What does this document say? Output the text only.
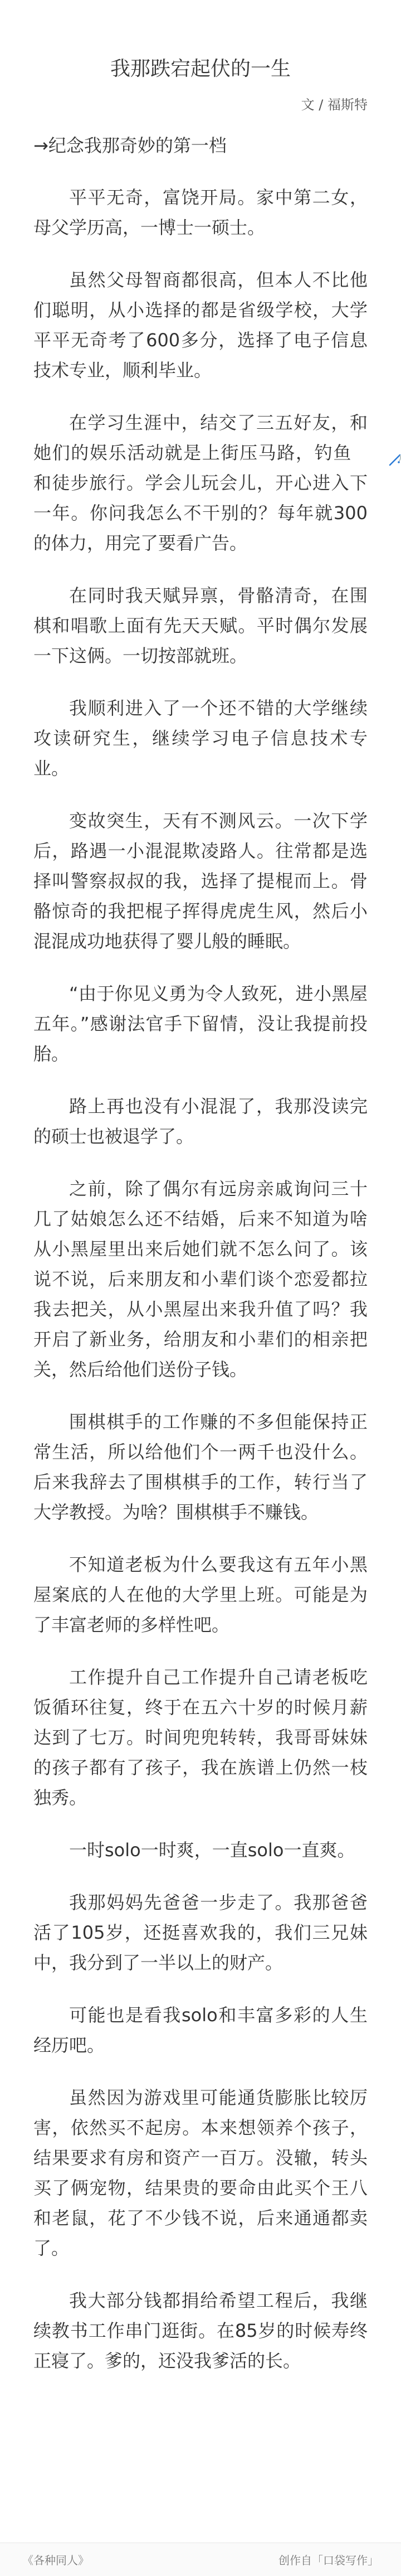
我那跌宕起伏的一生
文 / 福斯特
→纪念我那奇妙的第一档

平平无奇，富饶开局。家中第二女，母父学历高，一博士一硕士。

虽然父母智商都很高，但本人不比他们聪明，从小选择的都是省级学校，大学平平无奇考了600多分，选择了电子信息技术专业，顺利毕业。

在学习生涯中，结交了三五好友，和她们的娱乐活动就是上街压马路，钓鱼和徒步旅行。学会儿玩会儿，开心进入下一年。你问我怎么不干别的？每年就300的体力，用完了要看广告。

在同时我天赋异禀，骨骼清奇，在围棋和唱歌上面有先天天赋。平时偶尔发展一下这俩。一切按部就班。

我顺利进入了一个还不错的大学继续攻读研究生，继续学习电子信息技术专业。

变故突生，天有不测风云。一次下学后，路遇一小混混欺凌路人。往常都是选择叫警察叔叔的我，选择了提棍而上。骨骼惊奇的我把棍子挥得虎虎生风，然后小混混成功地获得了婴儿般的睡眠。

“由于你见义勇为令人致死，进小黑屋五年。”感谢法官手下留情，没让我提前投胎。

路上再也没有小混混了，我那没读完的硕士也被退学了。

之前，除了偶尔有远房亲戚询问三十几了姑娘怎么还不结婚，后来不知道为啥从小黑屋里出来后她们就不怎么问了。该说不说，后来朋友和小辈们谈个恋爱都拉我去把关，从小黑屋出来我升值了吗？我开启了新业务，给朋友和小辈们的相亲把关，然后给他们送份子钱。

围棋棋手的工作赚的不多但能保持正常生活，所以给他们个一两千也没什么。后来我辞去了围棋棋手的工作，转行当了大学教授。为啥？围棋棋手不赚钱。

不知道老板为什么要我这有五年小黑屋案底的人在他的大学里上班。可能是为了丰富老师的多样性吧。

工作提升自己工作提升自己请老板吃饭循环往复，终于在五六十岁的时候月薪达到了七万。时间兜兜转转，我哥哥妹妹的孩子都有了孩子，我在族谱上仍然一枝独秀。

一时solo一时爽，一直solo一直爽。

我那妈妈先爸爸一步走了。我那爸爸活了105岁，还挺喜欢我的，我们三兄妹中，我分到了一半以上的财产。

可能也是看我solo和丰富多彩的人生经历吧。

虽然因为游戏里可能通货膨胀比较厉害，依然买不起房。本来想领养个孩子，结果要求有房和资产一百万。没辙，转头买了俩宠物，结果贵的要命由此买个王八和老鼠，花了不少钱不说，后来通通都卖了。

我大部分钱都捐给希望工程后，我继续教书工作串门逛街。在85岁的时候寿终正寝了。爹的，还没我爹活的长。

《各种同人》	创作自「口袋写作」
